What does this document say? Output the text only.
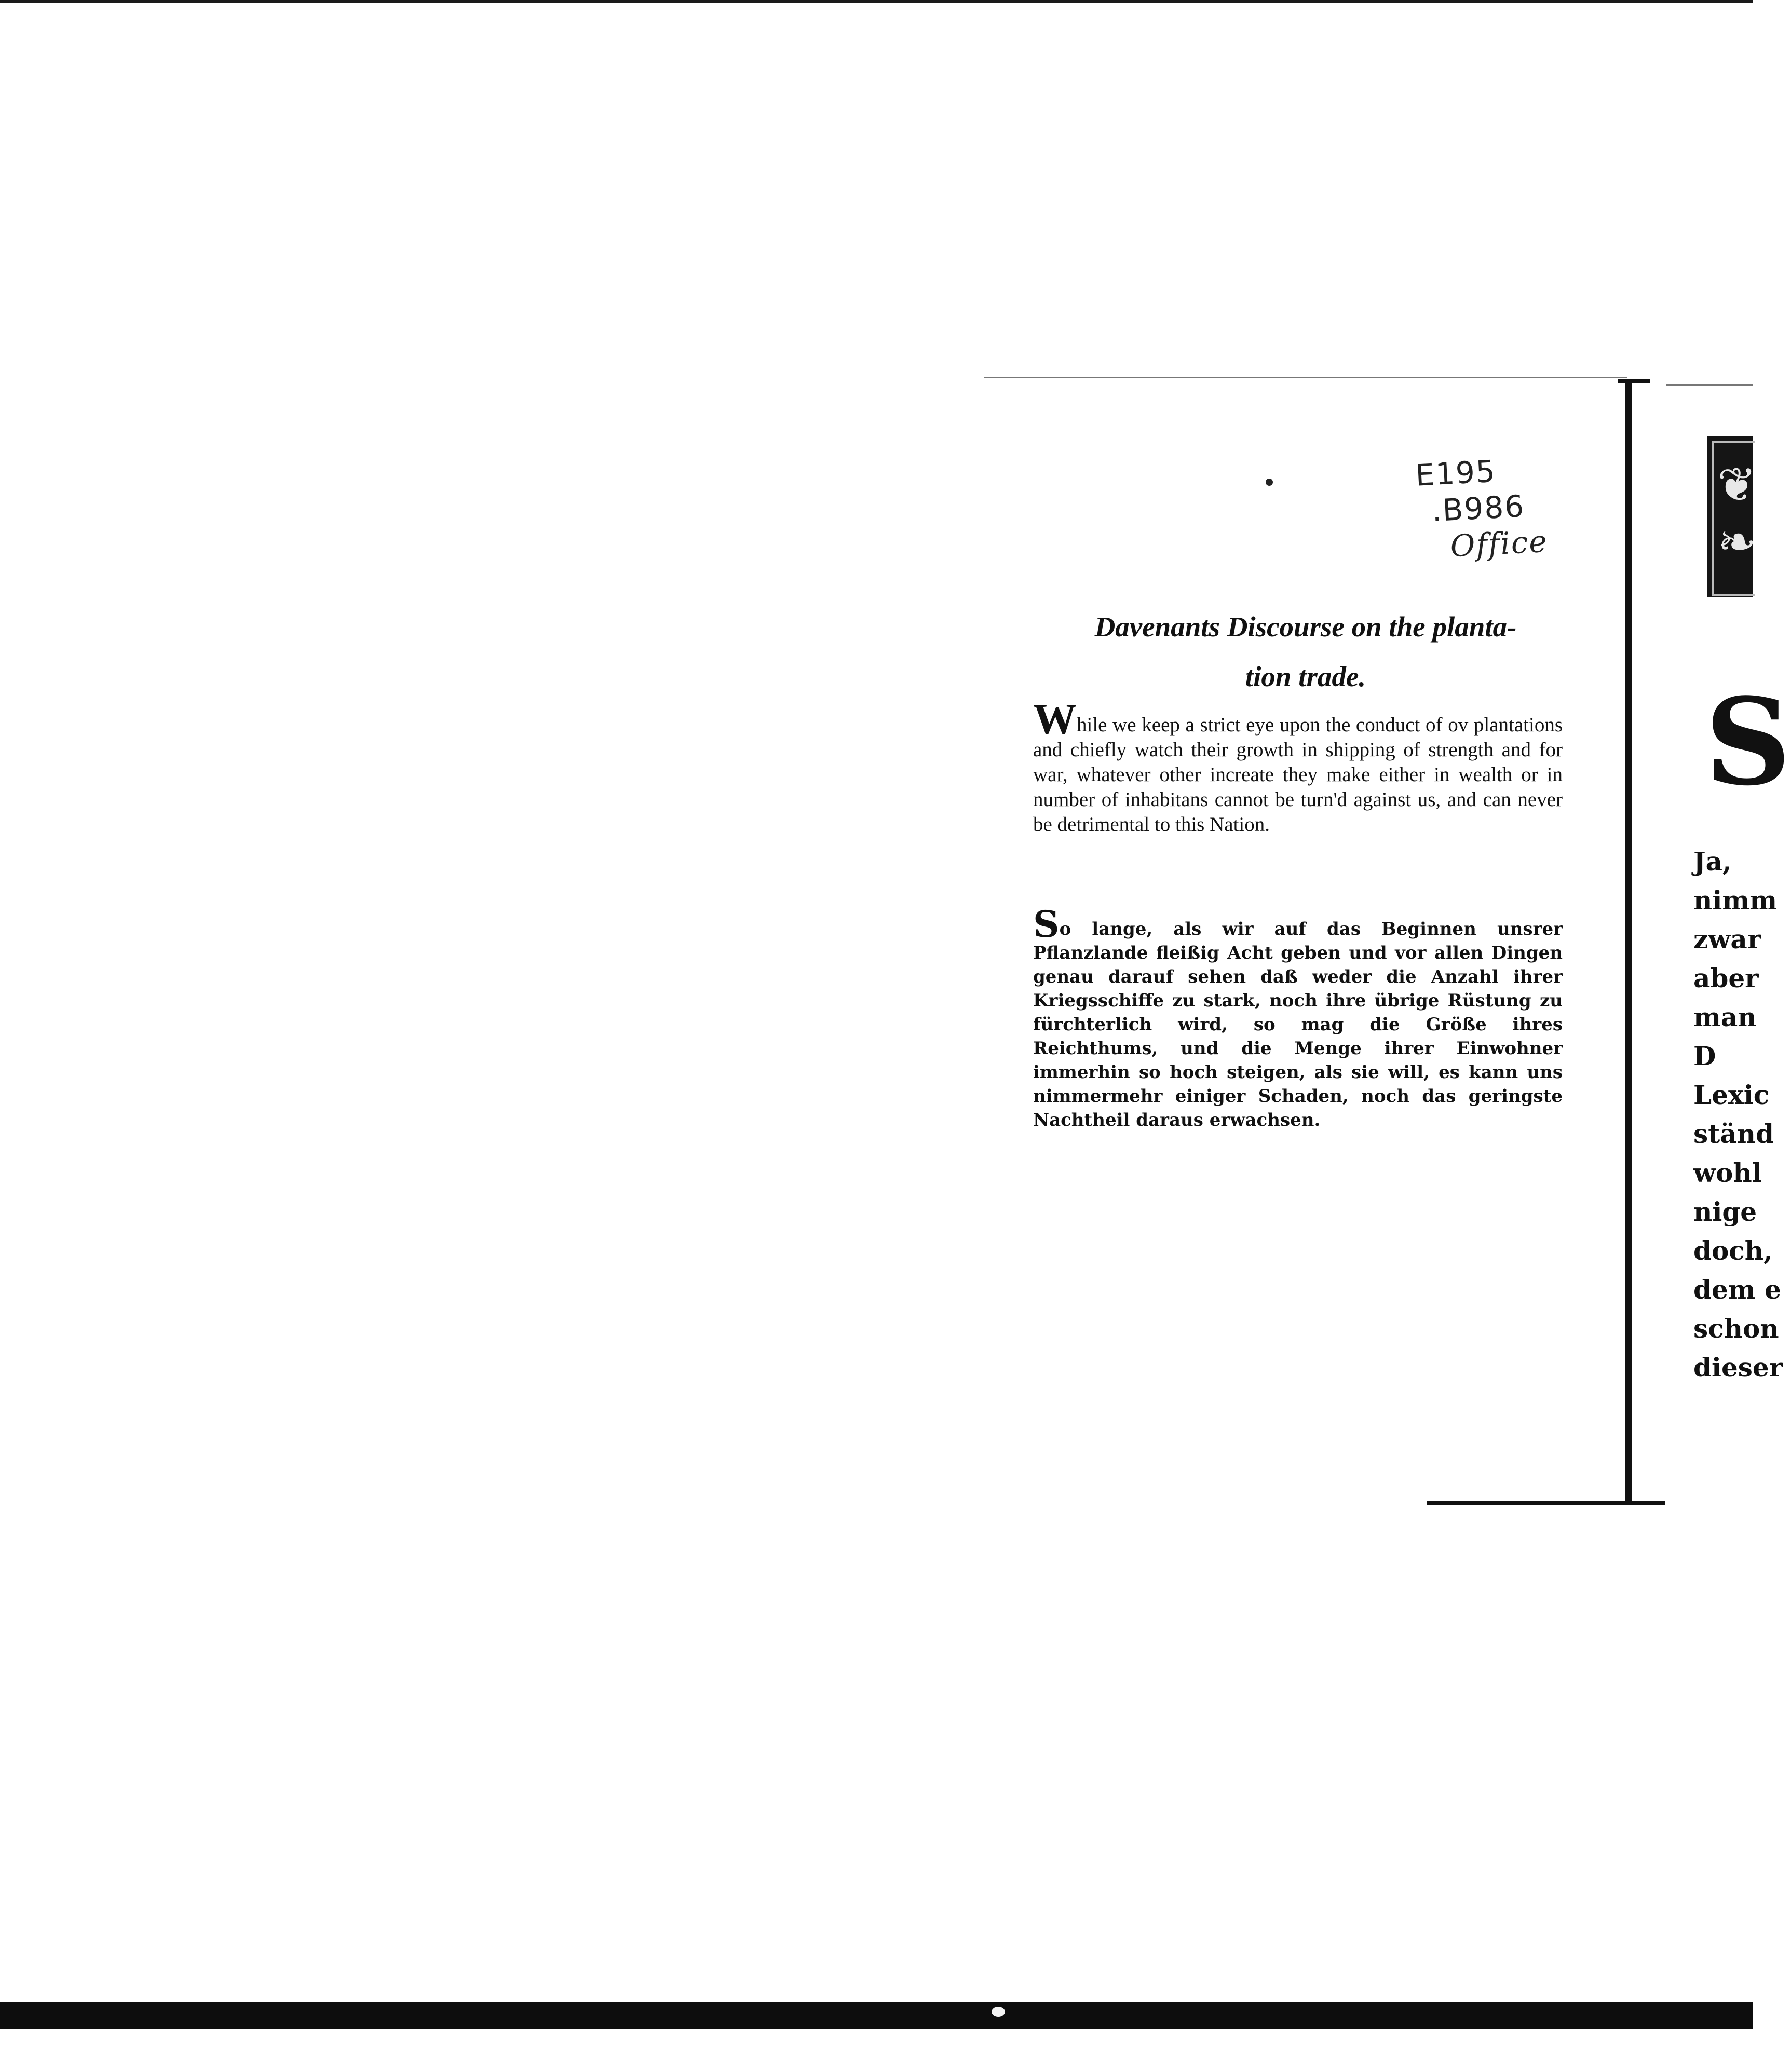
E195
.B986
Office
Davenants Discourse on the planta-
tion trade.
While we keep a strict eye upon the conduct of ov plantations and chiefly watch their growth in shipping of strength and for war, whatever other increate they make either in wealth or in number of inhabitans cannot be turn'd against us, and can never be detrimental to this Nation.
So lange, als wir auf das Beginnen unsrer Pflanzlande fleißig Acht geben und vor allen Dingen genau darauf sehen daß weder die Anzahl ihrer Kriegsschiffe zu stark, noch ihre übrige Rüstung zu fürchterlich wird, so mag die Größe ihres Reichthums, und die Menge ihrer Einwohner immerhin so hoch steigen, als sie will, es kann uns nimmermehr einiger Schaden, noch das geringste Nachtheil daraus erwachsen.
❦
❧
S
Ja,
nimm
zwar
aber
man
D
Lexic
ständ
wohl
nige
doch,
dem e
schon
dieser
